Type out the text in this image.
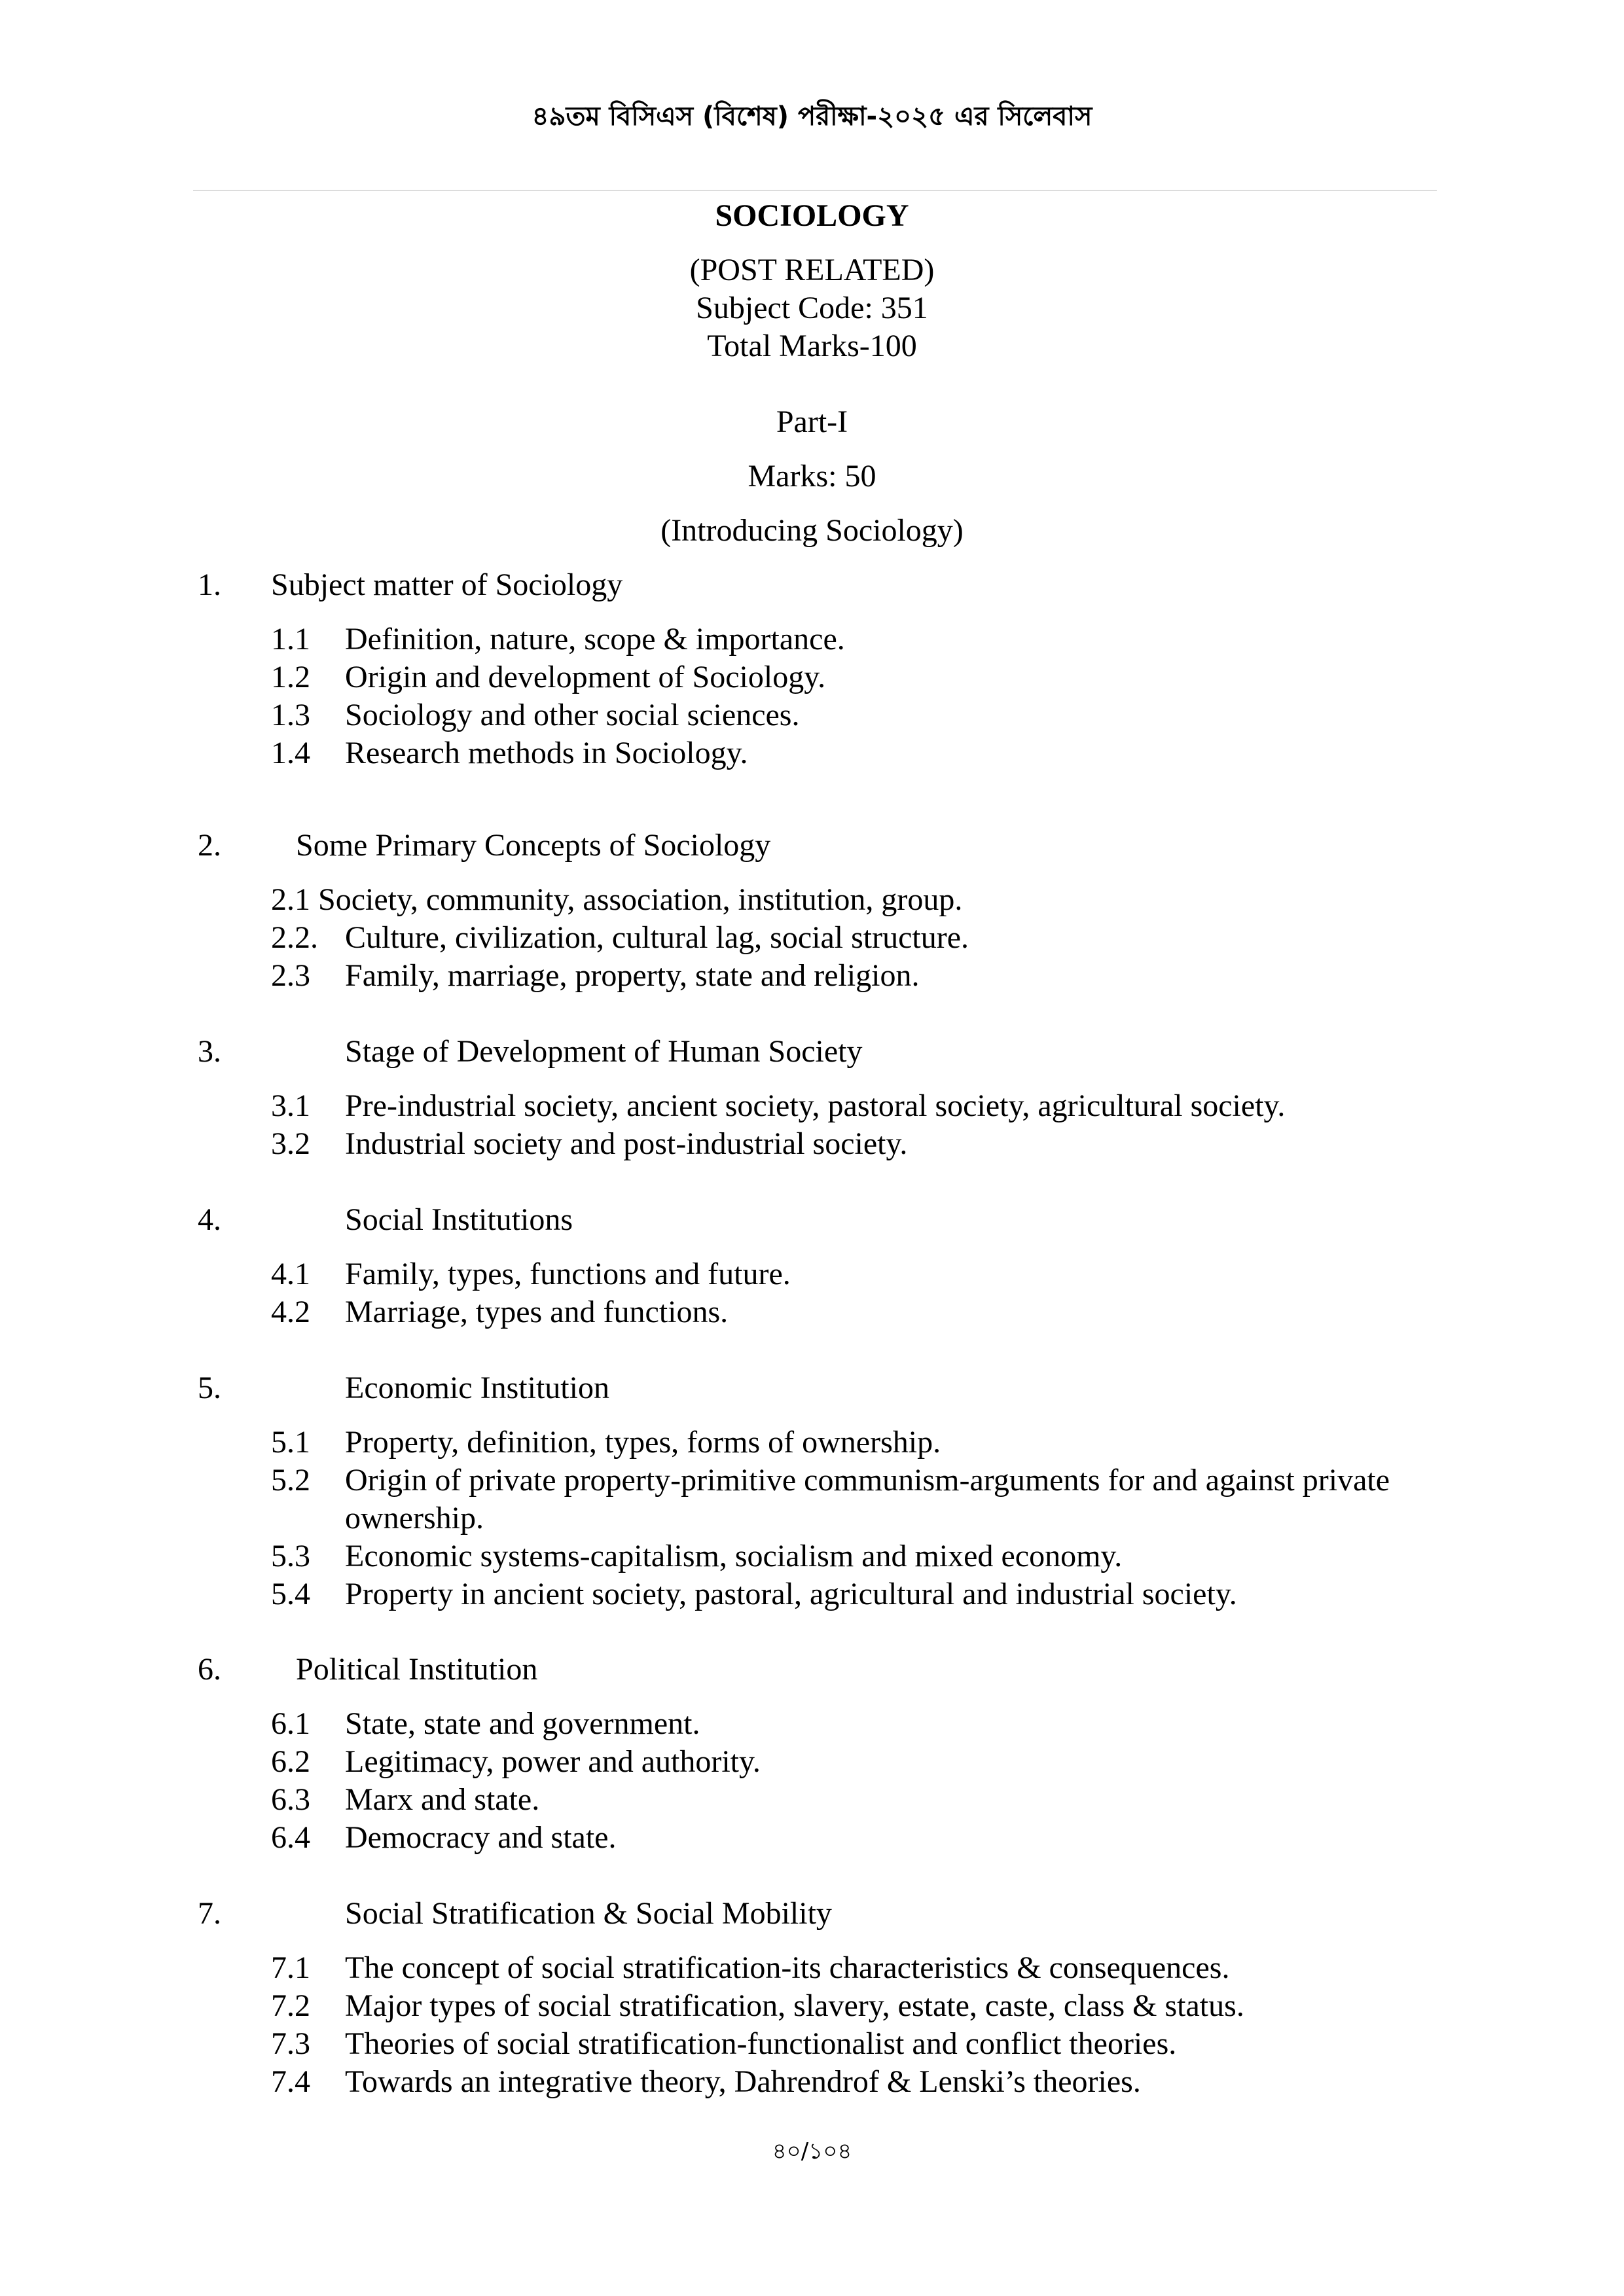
৪৯তম বিসিএস (বিশেষ) পরীক্ষা-২০২৫ এর সিলেবাস
SOCIOLOGY
(POST RELATED)
Subject Code: 351
Total Marks-100
Part-I
Marks: 50
(Introducing Sociology)
1. Subject matter of Sociology
1.1 Definition, nature, scope & importance.
1.2 Origin and development of Sociology.
1.3 Sociology and other social sciences.
1.4 Research methods in Sociology.
2. Some Primary Concepts of Sociology
2.1 Society, community, association, institution, group.
2.2. Culture, civilization, cultural lag, social structure.
2.3 Family, marriage, property, state and religion.
3.	Stage of Development of Human Society
3.1 Pre-industrial society, ancient society, pastoral society, agricultural society.
3.2 Industrial society and post-industrial society.
4.	Social Institutions
4.1 Family, types, functions and future.
4.2 Marriage, types and functions.
5.	Economic Institution
5.1 Property, definition, types, forms of ownership.
5.2 Origin of private property-primitive communism-arguments for and against private ownership.
5.3 Economic systems-capitalism, socialism and mixed economy.
5.4 Property in ancient society, pastoral, agricultural and industrial society.
6. Political Institution
6.1 State, state and government.
6.2 Legitimacy, power and authority.
6.3 Marx and state.
6.4 Democracy and state.
7.	Social Stratification & Social Mobility
7.1 The concept of social stratification-its characteristics & consequences.
7.2 Major types of social stratification, slavery, estate, caste, class & status.
7.3 Theories of social stratification-functionalist and conflict theories.
7.4 Towards an integrative theory, Dahrendrof & Lenski’s theories.
৪০/১০৪
